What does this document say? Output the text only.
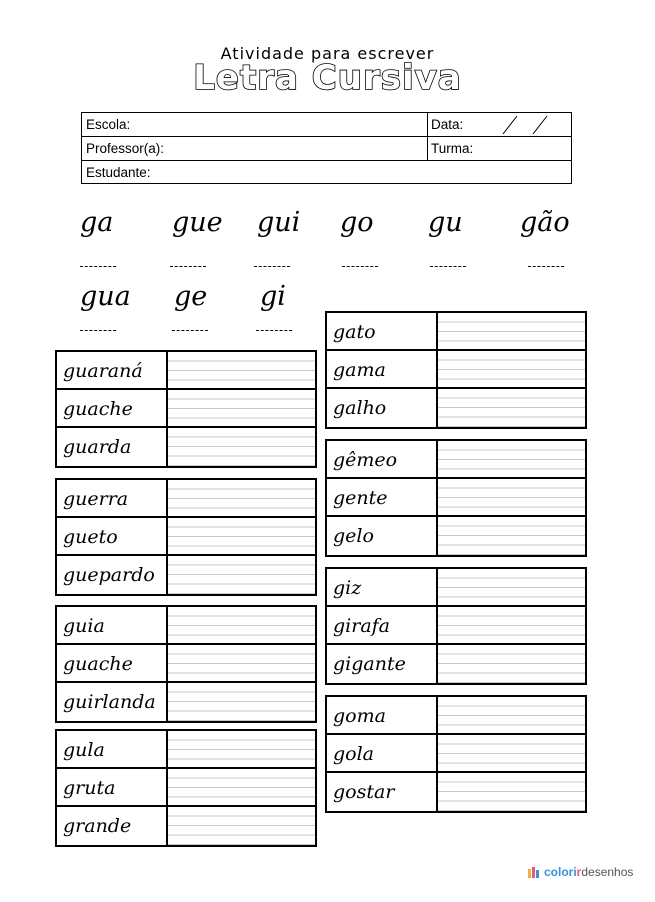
Atividade para escrever
Letra Cursiva
Escola:	Data:
Professor(a):	Turma:
Estudante:
ga gue gui go gu gão
gua ge gi
guaraná
guache
guarda
guerra
gueto
guepardo
guia
guache
guirlanda
gula
gruta
grande
gato
gama
galho
gêmeo
gente
gelo
giz
girafa
gigante
goma
gola
gostar
colorirdesenhos
